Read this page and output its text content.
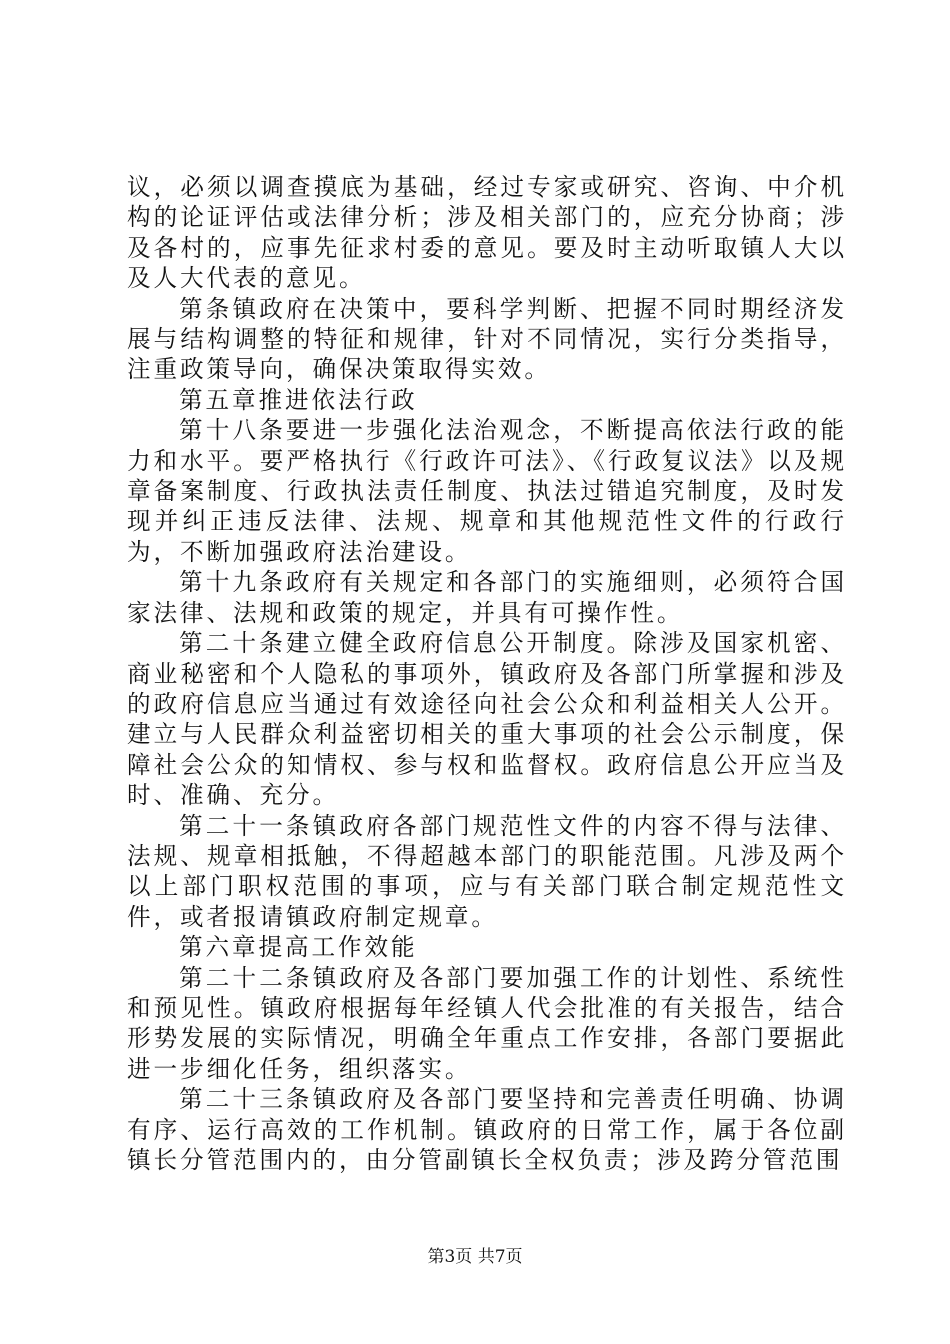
议，必须以调查摸底为基础，经过专家或研究、咨询、中介机构的论证评估或法律分析；涉及相关部门的，应充分协商；涉及各村的，应事先征求村委的意见。要及时主动听取镇人大以及人大代表的意见。

第条镇政府在决策中，要科学判断、把握不同时期经济发展与结构调整的特征和规律，针对不同情况，实行分类指导，注重政策导向，确保决策取得实效。

第五章推进依法行政

第十八条要进一步强化法治观念，不断提高依法行政的能力和水平。要严格执行《行政许可法》、《行政复议法》以及规章备案制度、行政执法责任制度、执法过错追究制度，及时发现并纠正违反法律、法规、规章和其他规范性文件的行政行为，不断加强政府法治建设。

第十九条政府有关规定和各部门的实施细则，必须符合国家法律、法规和政策的规定，并具有可操作性。

第二十条建立健全政府信息公开制度。除涉及国家机密、商业秘密和个人隐私的事项外，镇政府及各部门所掌握和涉及的政府信息应当通过有效途径向社会公众和利益相关人公开。建立与人民群众利益密切相关的重大事项的社会公示制度，保障社会公众的知情权、参与权和监督权。政府信息公开应当及时、准确、充分。

第二十一条镇政府各部门规范性文件的内容不得与法律、法规、规章相抵触，不得超越本部门的职能范围。凡涉及两个以上部门职权范围的事项，应与有关部门联合制定规范性文件，或者报请镇政府制定规章。

第六章提高工作效能

第二十二条镇政府及各部门要加强工作的计划性、系统性和预见性。镇政府根据每年经镇人代会批准的有关报告，结合形势发展的实际情况，明确全年重点工作安排，各部门要据此进一步细化任务，组织落实。

第二十三条镇政府及各部门要坚持和完善责任明确、协调有序、运行高效的工作机制。镇政府的日常工作，属于各位副镇长分管范围内的，由分管副镇长全权负责；涉及跨分管范围

第3页 共7页
